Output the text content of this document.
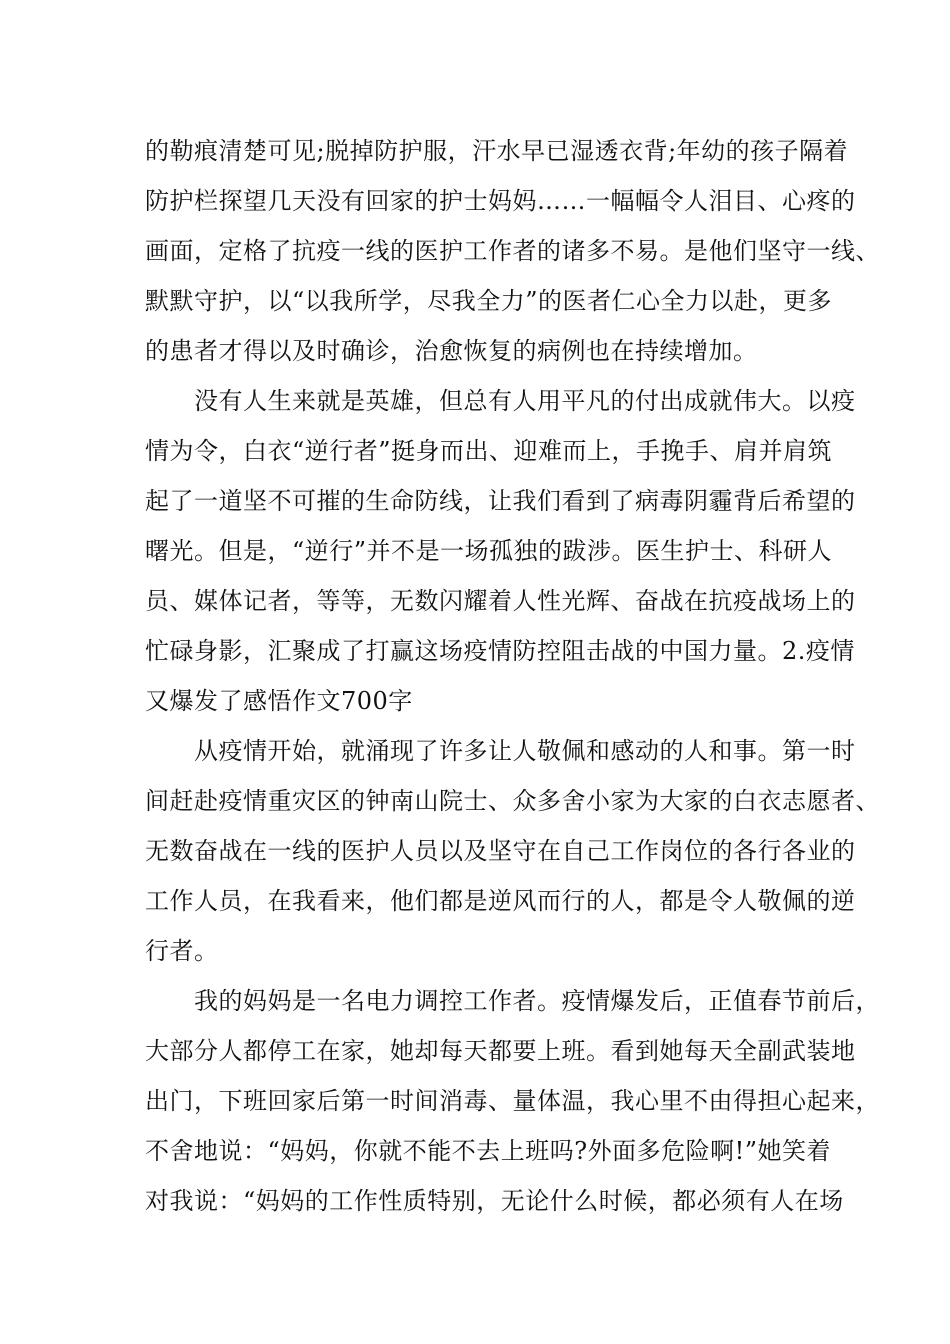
的勒痕清楚可见;脱掉防护服，汗水早已湿透衣背;年幼的孩子隔着
防护栏探望几天没有回家的护士妈妈……一幅幅令人泪目、心疼的
画面，定格了抗疫一线的医护工作者的诸多不易。是他们坚守一线、
默默守护，以“以我所学，尽我全力”的医者仁心全力以赴，更多
的患者才得以及时确诊，治愈恢复的病例也在持续增加。
　　没有人生来就是英雄，但总有人用平凡的付出成就伟大。以疫
情为令，白衣“逆行者”挺身而出、迎难而上，手挽手、肩并肩筑
起了一道坚不可摧的生命防线，让我们看到了病毒阴霾背后希望的
曙光。但是，“逆行”并不是一场孤独的跋涉。医生护士、科研人
员、媒体记者，等等，无数闪耀着人性光辉、奋战在抗疫战场上的
忙碌身影，汇聚成了打赢这场疫情防控阻击战的中国力量。2.疫情
又爆发了感悟作文700字
　　从疫情开始，就涌现了许多让人敬佩和感动的人和事。第一时
间赶赴疫情重灾区的钟南山院士、众多舍小家为大家的白衣志愿者、
无数奋战在一线的医护人员以及坚守在自己工作岗位的各行各业的
工作人员，在我看来，他们都是逆风而行的人，都是令人敬佩的逆
行者。
　　我的妈妈是一名电力调控工作者。疫情爆发后，正值春节前后，
大部分人都停工在家，她却每天都要上班。看到她每天全副武装地
出门，下班回家后第一时间消毒、量体温，我心里不由得担心起来，
不舍地说：“妈妈，你就不能不去上班吗?外面多危险啊!”她笑着
对我说：“妈妈的工作性质特别，无论什么时候，都必须有人在场
